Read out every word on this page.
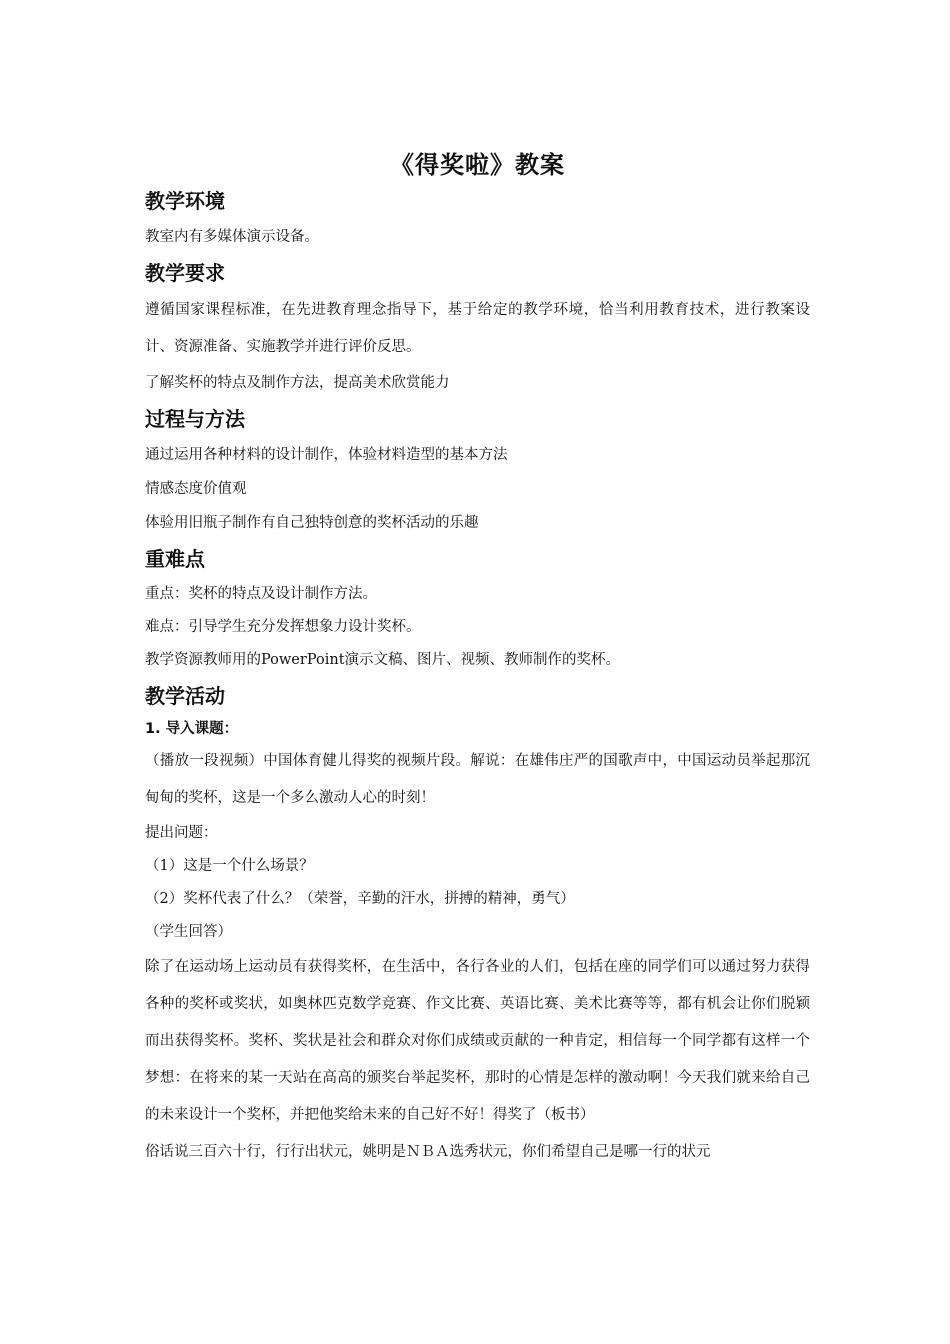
《得奖啦》教案
教学环境

教室内有多媒体演示设备。

教学要求

遵循国家课程标准，在先进教育理念指导下，基于给定的教学环境，恰当利用教育技术，进行教案设计、资源准备、实施教学并进行评价反思。

了解奖杯的特点及制作方法，提高美术欣赏能力

过程与方法

通过运用各种材料的设计制作，体验材料造型的基本方法

情感态度价值观

体验用旧瓶子制作有自己独特创意的奖杯活动的乐趣

重难点

重点：奖杯的特点及设计制作方法。

难点：引导学生充分发挥想象力设计奖杯。

教学资源教师用的PowerPoint演示文稿、图片、视频、教师制作的奖杯。

教学活动
1. 导入课题：

（播放一段视频）中国体育健儿得奖的视频片段。解说：在雄伟庄严的国歌声中，中国运动员举起那沉甸甸的奖杯，这是一个多么激动人心的时刻！

提出问题：

（1）这是一个什么场景？

（2）奖杯代表了什么？（荣誉，辛勤的汗水，拼搏的精神，勇气）

（学生回答）

除了在运动场上运动员有获得奖杯，在生活中，各行各业的人们，包括在座的同学们可以通过努力获得各种的奖杯或奖状，如奥林匹克数学竞赛、作文比赛、英语比赛、美术比赛等等，都有机会让你们脱颖而出获得奖杯。奖杯、奖状是社会和群众对你们成绩或贡献的一种肯定，相信每一个同学都有这样一个梦想：在将来的某一天站在高高的颁奖台举起奖杯，那时的心情是怎样的激动啊！今天我们就来给自己的未来设计一个奖杯，并把他奖给未来的自己好不好！得奖了（板书）

俗话说三百六十行，行行出状元，姚明是ＮＢＡ选秀状元，你们希望自己是哪一行的状元
